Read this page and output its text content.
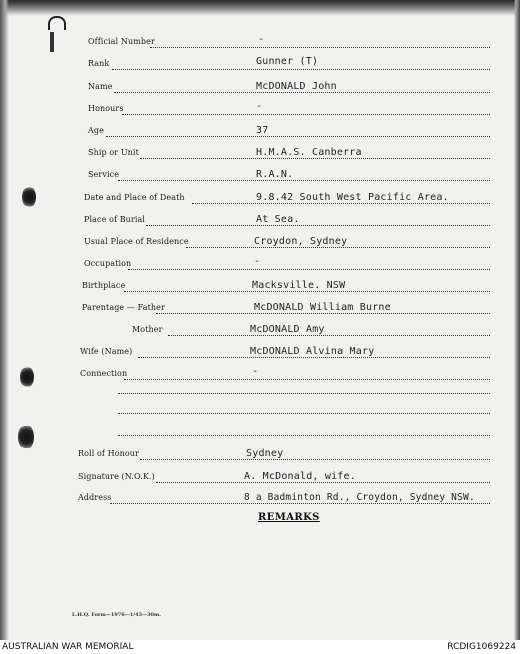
Official Number	-
Rank	Gunner (T)
Name	McDONALD John
Honours	-
Age	37
Ship or Unit	H.M.A.S. Canberra
Service	R.A.N.
Date and Place of Death	9.8.42 South West Pacific Area.
Place of Burial	At Sea.
Usual Place of Residence	Croydon, Sydney
Occupation	-
Birthplace	Macksville. NSW
Parentage — Father	McDONALD William Burne
Mother	McDONALD Amy
Wife (Name)	McDONALD Alvina Mary
Connection	-
Roll of Honour	Sydney
Signature (N.O.K.)	A. McDonald, wife.
Address	8 a Badminton Rd., Croydon, Sydney NSW.
REMARKS
L.H.Q. Form—1976—1/43—30m.
AUSTRALIAN WAR MEMORIAL	RCDIG1069224
